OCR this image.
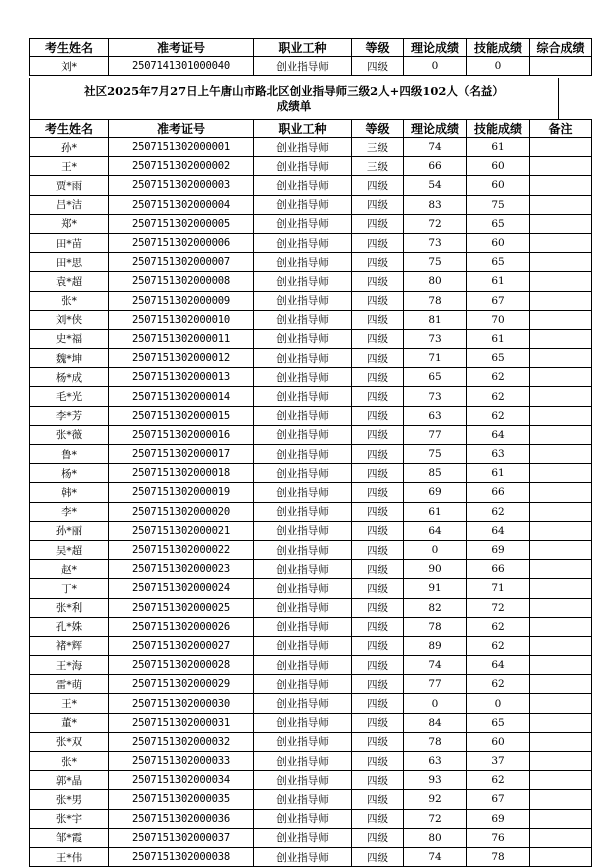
考生姓名	准考证号	职业工种	等级	理论成绩	技能成绩	综合成绩
刘*	2507141301000040	创业指导师	四级	0	0	
社区2025年7月27日上午唐山市路北区创业指导师三级2人+四级102人（名益）
成绩单
考生姓名	准考证号	职业工种	等级	理论成绩	技能成绩	备注
孙*	2507151302000001	创业指导师	三级	74	61	
王*	2507151302000002	创业指导师	三级	66	60	
贾*雨	2507151302000003	创业指导师	四级	54	60	
吕*洁	2507151302000004	创业指导师	四级	83	75	
郑*	2507151302000005	创业指导师	四级	72	65	
田*苗	2507151302000006	创业指导师	四级	73	60	
田*思	2507151302000007	创业指导师	四级	75	65	
袁*超	2507151302000008	创业指导师	四级	80	61	
张*	2507151302000009	创业指导师	四级	78	67	
刘*侠	2507151302000010	创业指导师	四级	81	70	
史*福	2507151302000011	创业指导师	四级	73	61	
魏*坤	2507151302000012	创业指导师	四级	71	65	
杨*成	2507151302000013	创业指导师	四级	65	62	
毛*光	2507151302000014	创业指导师	四级	73	62	
李*芳	2507151302000015	创业指导师	四级	63	62	
张*薇	2507151302000016	创业指导师	四级	77	64	
鲁*	2507151302000017	创业指导师	四级	75	63	
杨*	2507151302000018	创业指导师	四级	85	61	
韩*	2507151302000019	创业指导师	四级	69	66	
李*	2507151302000020	创业指导师	四级	61	62	
孙*丽	2507151302000021	创业指导师	四级	64	64	
吴*超	2507151302000022	创业指导师	四级	0	69	
赵*	2507151302000023	创业指导师	四级	90	66	
丁*	2507151302000024	创业指导师	四级	91	71	
张*利	2507151302000025	创业指导师	四级	82	72	
孔*姝	2507151302000026	创业指导师	四级	78	62	
褚*辉	2507151302000027	创业指导师	四级	89	62	
王*海	2507151302000028	创业指导师	四级	74	64	
雷*萌	2507151302000029	创业指导师	四级	77	62	
王*	2507151302000030	创业指导师	四级	0	0	
董*	2507151302000031	创业指导师	四级	84	65	
张*双	2507151302000032	创业指导师	四级	78	60	
张*	2507151302000033	创业指导师	四级	63	37	
郭*晶	2507151302000034	创业指导师	四级	93	62	
张*男	2507151302000035	创业指导师	四级	92	67	
张*宇	2507151302000036	创业指导师	四级	72	69	
邹*霞	2507151302000037	创业指导师	四级	80	76	
王*伟	2507151302000038	创业指导师	四级	74	78	
